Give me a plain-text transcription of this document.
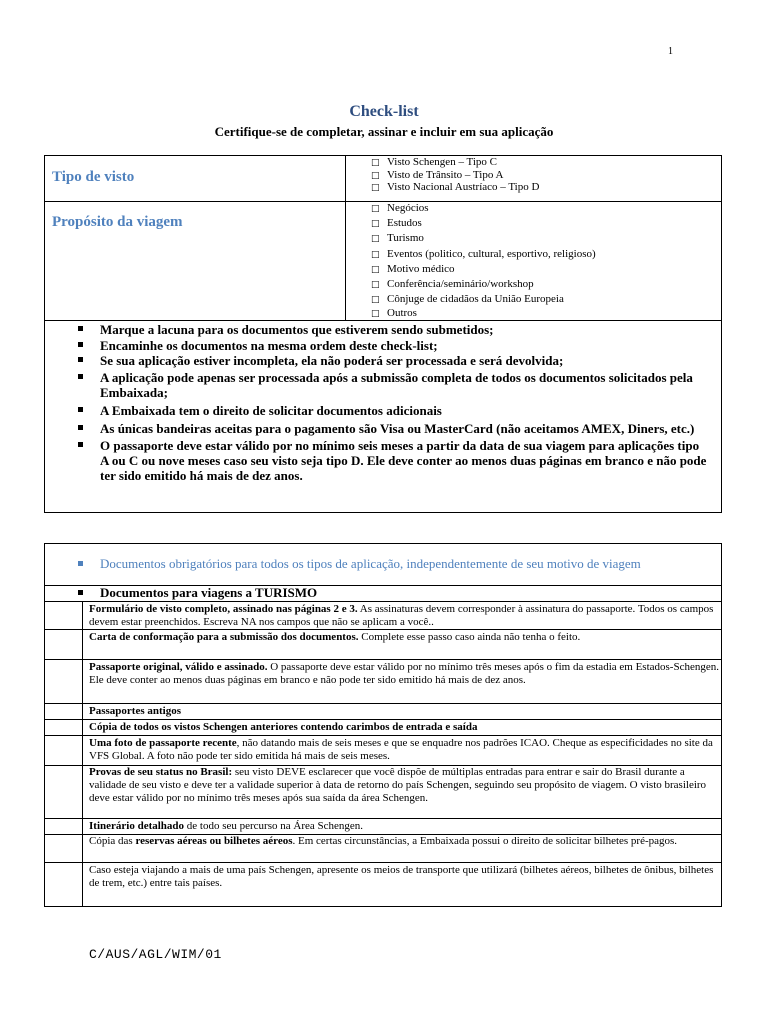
1
Check-list
Certifique-se de completar, assinar e incluir em sua aplicação
Tipo de visto
□ Visto Schengen – Tipo C
□ Visto de Trânsito – Tipo A
□ Visto Nacional Austríaco – Tipo D
Propósito da viagem
□ Negócios
□ Estudos
□ Turismo
□ Eventos (politico, cultural, esportivo, religioso)
□ Motivo médico
□ Conferência/seminário/workshop
□ Cônjuge de cidadãos da União Europeia
□ Outros
Marque a lacuna para os documentos que estiverem sendo submetidos;
Encaminhe os documentos na mesma ordem deste check-list;
Se sua aplicação estiver incompleta, ela não poderá ser processada e será devolvida;
A aplicação pode apenas ser processada após a submissão completa de todos os documentos solicitados pela Embaixada;
A Embaixada tem o direito de solicitar documentos adicionais
As únicas bandeiras aceitas para o pagamento são Visa ou MasterCard (não aceitamos AMEX, Diners, etc.)
O passaporte deve estar válido por no mínimo seis meses a partir da data de sua viagem para aplicações tipo A ou C ou nove meses caso seu visto seja tipo D. Ele deve conter ao menos duas páginas em branco e não pode ter sido emitido há mais de dez anos.
Documentos obrigatórios para todos os tipos de aplicação, independentemente de seu motivo de viagem
Documentos para viagens a TURISMO
Formulário de visto completo, assinado nas páginas 2 e 3. As assinaturas devem corresponder à assinatura do passaporte. Todos os campos devem estar preenchidos. Escreva NA nos campos que não se aplicam a você..
Carta de conformação para a submissão dos documentos. Complete esse passo caso ainda não tenha o feito.
Passaporte original, válido e assinado. O passaporte deve estar válido por no mínimo três meses após o fim da estadia em Estados-Schengen. Ele deve conter ao menos duas páginas em branco e não pode ter sido emitido há mais de dez anos.
Passaportes antigos
Cópia de todos os vistos Schengen anteriores contendo carimbos de entrada e saída
Uma foto de passaporte recente, não datando mais de seis meses e que se enquadre nos padrões ICAO. Cheque as especificidades no site da VFS Global. A foto não pode ter sido emitida há mais de seis meses.
Provas de seu status no Brasil: seu visto DEVE esclarecer que você dispõe de múltiplas entradas para entrar e sair do Brasil durante a validade de seu visto e deve ter a validade superior à data de retorno do país Schengen, seguindo seu propósito de viagem. O visto brasileiro deve estar válido por no mínimo três meses após sua saída da área Schengen.
Itinerário detalhado de todo seu percurso na Área Schengen.
Cópia das reservas aéreas ou bilhetes aéreos. Em certas circunstâncias, a Embaixada possui o direito de solicitar bilhetes pré-pagos.
Caso esteja viajando a mais de uma país Schengen, apresente os meios de transporte que utilizará (bilhetes aéreos, bilhetes de ônibus, bilhetes de trem, etc.) entre tais países.
C/AUS/AGL/WIM/01
